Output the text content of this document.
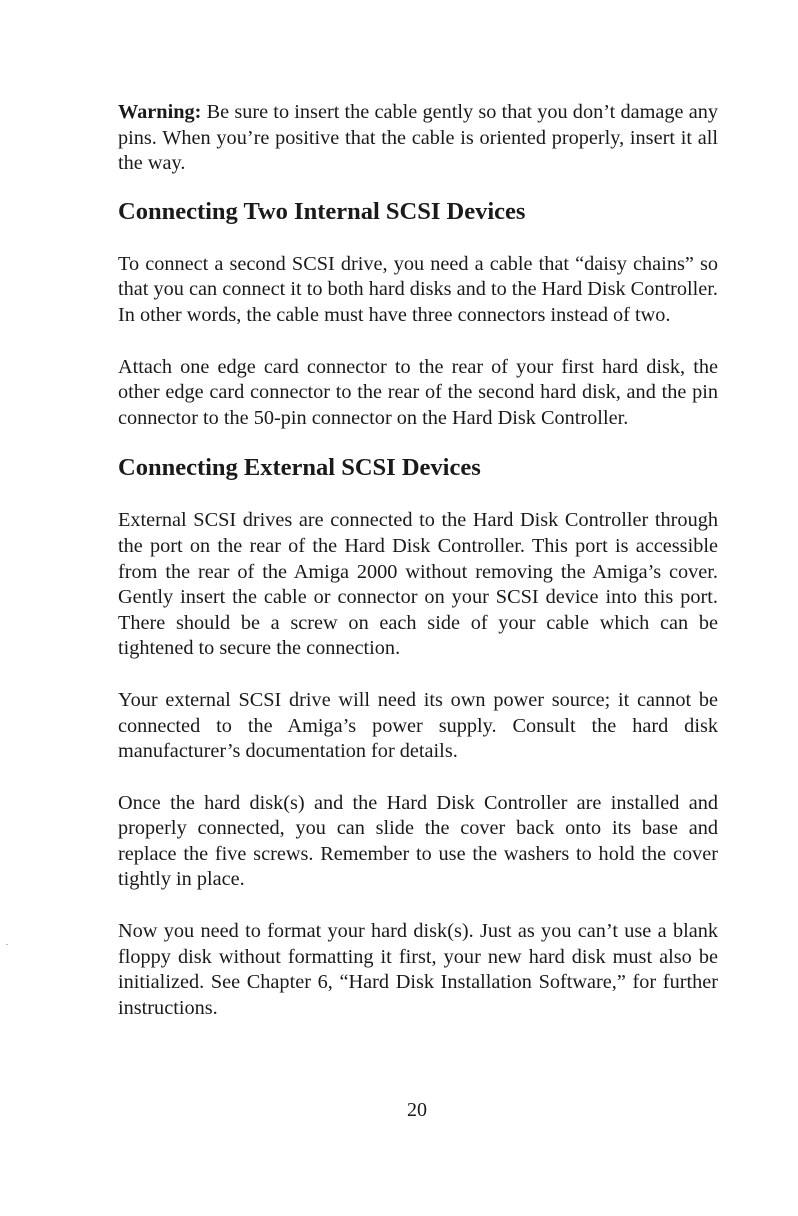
Warning: Be sure to insert the cable gently so that you don’t damage any pins. When you’re positive that the cable is oriented properly, insert it all the way.

Connecting Two Internal SCSI Devices

To connect a second SCSI drive, you need a cable that “daisy chains” so that you can connect it to both hard disks and to the Hard Disk Controller. In other words, the cable must have three connectors instead of two.

Attach one edge card connector to the rear of your first hard disk, the other edge card connector to the rear of the second hard disk, and the pin connector to the 50-pin connector on the Hard Disk Controller.

Connecting External SCSI Devices

External SCSI drives are connected to the Hard Disk Controller through the port on the rear of the Hard Disk Controller. This port is accessible from the rear of the Amiga 2000 without removing the Amiga’s cover. Gently insert the cable or connector on your SCSI device into this port. There should be a screw on each side of your cable which can be tightened to secure the connection.

Your external SCSI drive will need its own power source; it cannot be connected to the Amiga’s power supply. Consult the hard disk manufacturer’s documentation for details.

Once the hard disk(s) and the Hard Disk Controller are installed and properly connected, you can slide the cover back onto its base and replace the five screws. Remember to use the washers to hold the cover tightly in place.

Now you need to format your hard disk(s). Just as you can’t use a blank floppy disk without formatting it first, your new hard disk must also be initialized. See Chapter 6, “Hard Disk Installation Software,” for further instructions.

20
